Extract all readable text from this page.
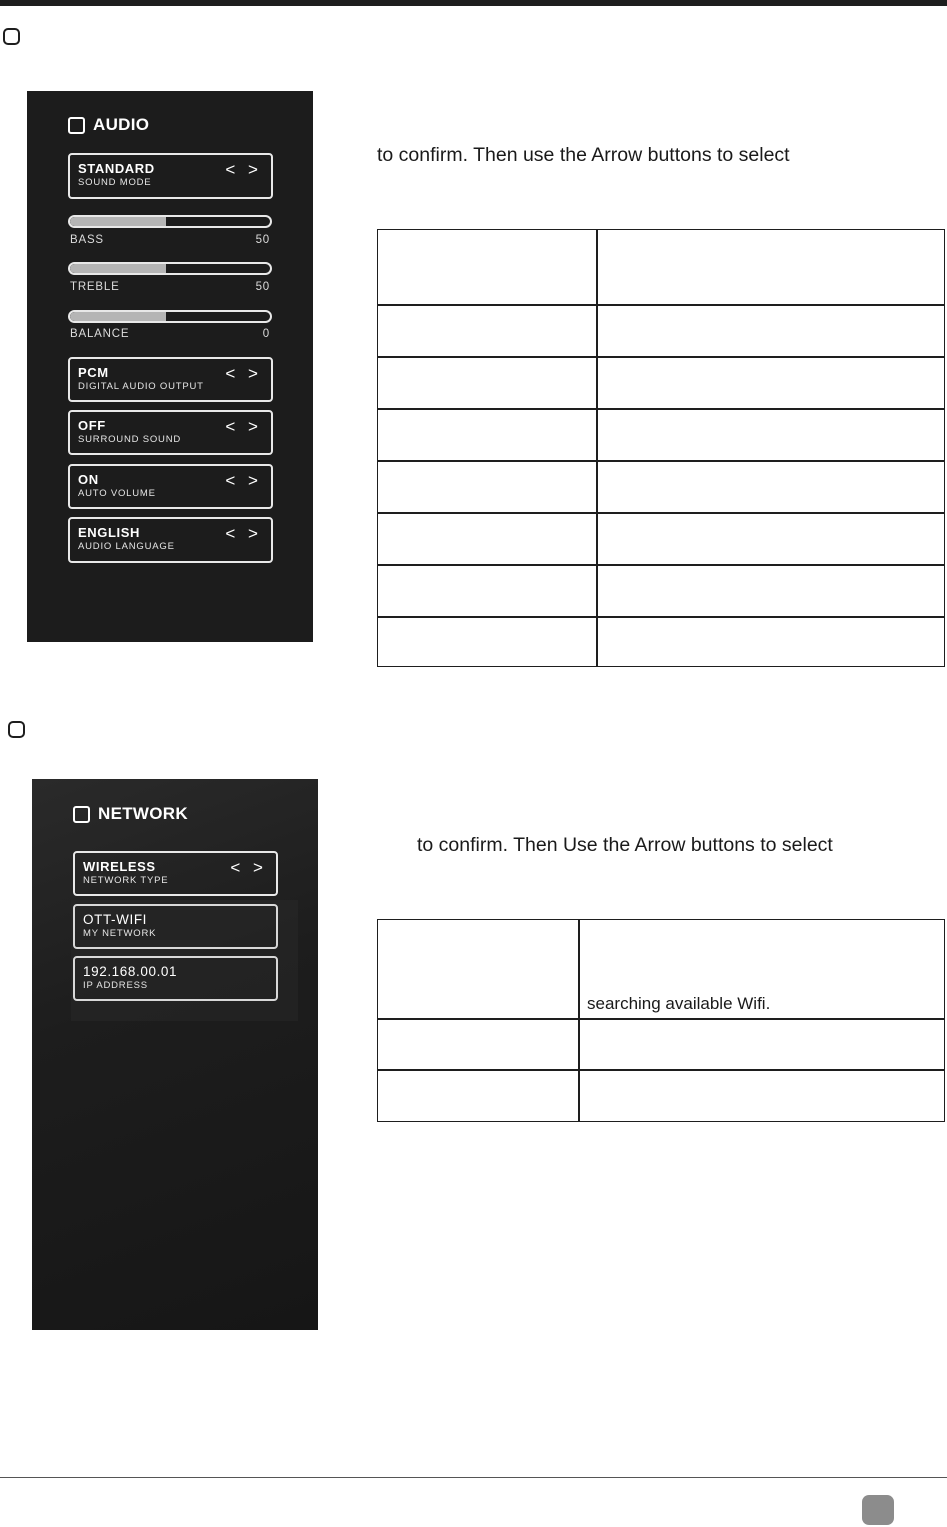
AUDIO
STANDARD
SOUND MODE
< >
BASS	50
TREBLE	50
BALANCE	0
PCM
DIGITAL AUDIO OUTPUT
< >
OFF
SURROUND SOUND
< >
ON
AUTO VOLUME
< >
ENGLISH
AUDIO LANGUAGE
< >
to confirm. Then use the Arrow buttons to select
NETWORK
WIRELESS
NETWORK TYPE
< >
OTT-WIFI
MY NETWORK
192.168.00.01
IP ADDRESS
to confirm. Then Use the Arrow buttons to select
searching available Wifi.
